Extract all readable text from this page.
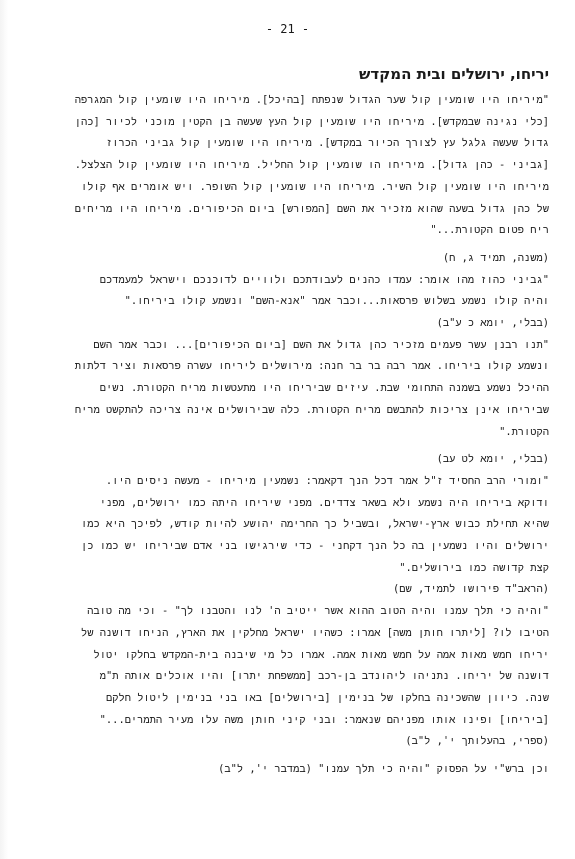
- 21 -
יריחו, ירושלים ובית המקדש
"מיריחו היו שומעין קול שער הגדול שנפתח [בהיכל]. מיריחו היו שומעין קול המגרפה
[כלי נגינה שבמקדש]. מיריחו היו שומעין קול העץ שעשה בן הקטין מוכני לכיור [כהן
גדול שעשה גלגל עץ לצורך הכיור במקדש]. מיריחו היו שומעין קול גביני הכרוז
[גביני - כהן גדול]. מיריחו הו שומעין קול החליל. מיריחו היו שומעין קול הצלצל.
מיריחו היו שומעין קול השיר. מיריחו היו שומעין קול השופר. ויש אומרים אף קולו
של כהן גדול בשעה שהוא מזכיר את השם [המפורש] ביום הכיפורים. מיריחו היו מריחים
ריח פטום הקטורת..."
(משנה, תמיד ג, ח)
"גביני כהוז מהו אומר: עמדו כהנים לעבודתכם ולוויים לדוכנכם וישראל למעמדכם
והיה קולו נשמע בשלוש פרסאות...וכבר אמר "אנא-השם" ונשמע קולו ביריחו."
(בבלי, יומא כ ע"ב)
"תנו רבנן עשר פעמים מזכיר כהן גדול את השם [ביום הכיפורים]... וכבר אמר השם
ונשמע קולו ביריחו. אמר רבה בר בר חנה: מירושלים ליריחו עשרה פרסאות וציר דלתות
ההיכל נשמע בשמנה התחומי שבת. עיזים שביריחו היו מתעטשות מריח הקטורת. נשים
שביריחו אינן צריכות להתבשם מריח הקטורת. כלה שבירושלים אינה צריכה להתקשט מריח
הקטורת."
(בבלי, יומא לט עב)
"ומורי הרב החסיד ז"ל אמר דכל הנך דקאמר: נשמעין מיריחו - מעשה ניסים היו.
ודוקא ביריחו היה נשמע ולא בשאר צדדים. מפני שיריחו היתה כמו ירושלים, מפני
שהיא תחילת כבוש ארץ-ישראל, ובשביל כך החרימה יהושע להיות קודש, לפיכך היא כמו
ירושלים והיו נשמעין בה כל הנך דקחני - כדי שירגישו בני אדם שביריחו יש כמו כן
קצת קדושה כמו בירושלים."
(הראב"ד פירושו לתמיד, שם)
"והיה כי תלך עמנו והיה הטוב ההוא אשר ייטיב ה' לנו והטבנו לך" - וכי מה טובה
הטיבו לו? [ליתרו חותן משה] אמרו: כשהיו ישראל מחלקין את הארץ, הניחו דושנה של
יריחו חמש מאות אמה על חמש מאות אמה. אמרו כל מי שיבנה בית-המקדש בחלקו יטול
דושנה של יריחו. נתניהו ליהונדב בן-רכב [ממשפחת יתרו] והיו אוכלים אותה ת"מ
שנה. כיוון שהשכינה בחלקו של בנימין [בירושלים] באו בני בנימין ליטול חלקם
[ביריחו] ופינו אותו מפניהם שנאמר: ובני קיני חותן משה עלו מעיר התמרים..."
(ספרי, בהעלותך י', ל"ב)
וכן ברש"י על הפסוק "והיה כי תלך עמנו" (במדבר י', ל"ב)
